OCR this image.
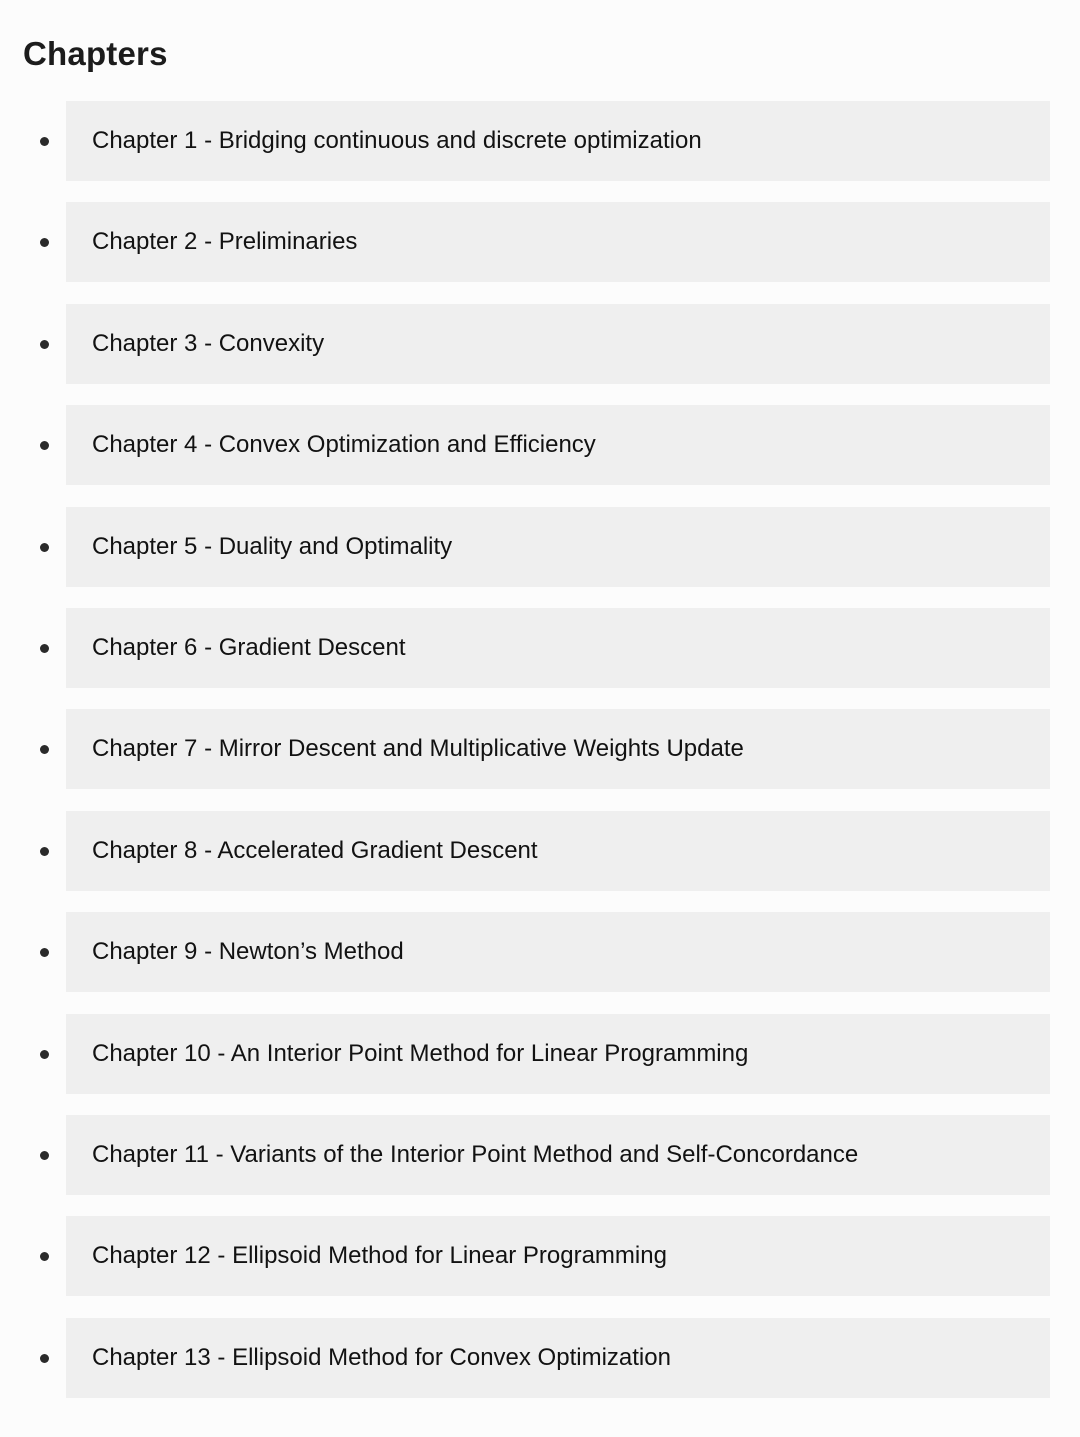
Chapters
Chapter 1 - Bridging continuous and discrete optimization
Chapter 2 - Preliminaries
Chapter 3 - Convexity
Chapter 4 - Convex Optimization and Efficiency
Chapter 5 - Duality and Optimality
Chapter 6 - Gradient Descent
Chapter 7 - Mirror Descent and Multiplicative Weights Update
Chapter 8 - Accelerated Gradient Descent
Chapter 9 - Newton’s Method
Chapter 10 - An Interior Point Method for Linear Programming
Chapter 11 - Variants of the Interior Point Method and Self-Concordance
Chapter 12 - Ellipsoid Method for Linear Programming
Chapter 13 - Ellipsoid Method for Convex Optimization
